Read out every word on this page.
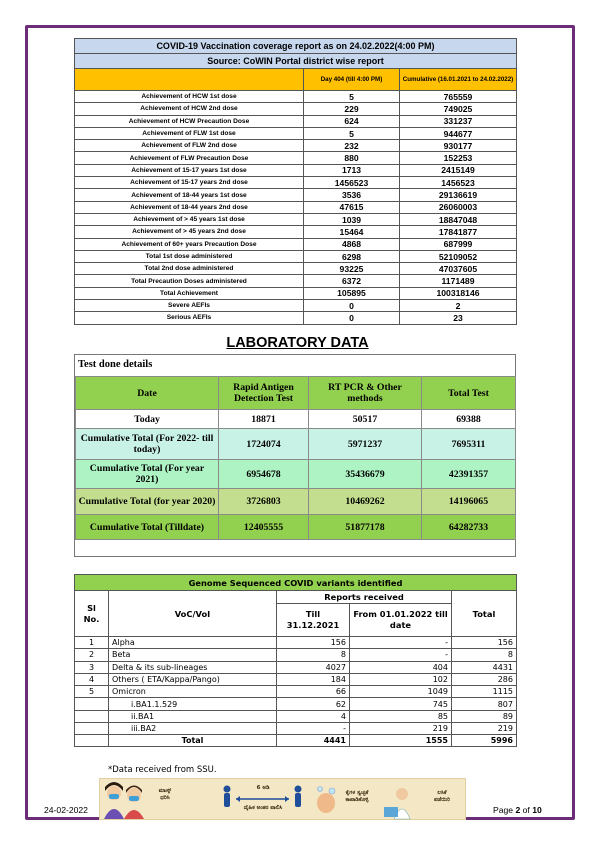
COVID-19 Vaccination coverage report as on 24.02.2022(4:00 PM)		
Source: CoWIN Portal district wise report		
	Day 404 (till 4:00 PM)	Cumulative (16.01.2021 to 24.02.2022)
Achievement of HCW 1st dose	5	765559
Achievement of HCW 2nd dose	229	749025
Achievement of HCW Precaution Dose	624	331237
Achievement of FLW 1st dose	5	944677
Achievement of FLW 2nd dose	232	930177
Achievement of FLW Precaution Dose	880	152253
Achievement of 15-17 years 1st dose	1713	2415149
Achievement of 15-17 years 2nd dose	1456523	1456523
Achievement of 18-44 years 1st dose	3536	29136619
Achievement of 18-44 years 2nd dose	47615	26060003
Achievement of > 45 years 1st dose	1039	18847048
Achievement of > 45 years 2nd dose	15464	17841877
Achievement of 60+ years Precaution Dose	4868	687999
Total 1st dose administered	6298	52109052
Total 2nd dose administered	93225	47037605
Total Precaution Doses administered	6372	1171489
Total Achievement	105895	100318146
Severe AEFIs	0	2
Serious AEFIs	0	23
LABORATORY DATA
Test done details
Date	Rapid Antigen Detection Test	RT PCR & Other methods	Total Test
Today	18871	50517	69388
Cumulative Total (For 2022- till today)	1724074	5971237	7695311
Cumulative Total (For year 2021)	6954678	35436679	42391357
Cumulative Total (for year 2020)	3726803	10469262	14196065
Cumulative Total (Tilldate)	12405555	51877178	64282733
Genome Sequenced COVID variants identified				
Sl No.	VoC/VoI	Reports received		Total
		Till 31.12.2021	From 01.01.2022 till date	
1	Alpha	156	-	156
2	Beta	8	-	8
3	Delta & its sub-lineages	4027	404	4431
4	Others ( ETA/Kappa/Pango)	184	102	286
5	Omicron	66	1049	1115
	i.BA1.1.529	62	745	807
	ii.BA1	4	85	89
	iii.BA2	-	219	219
	Total	4441	1555	5996
*Data received from SSU.
24-02-2022
ಮಾಸ್ಕ್
ಧರಿಸಿ
6 ಅಡಿ
ದೈಹಿಕ ಅಂತರ ಪಾಲಿಸಿ
ಕೈಗಳ ಸ್ವಚ್ಛತೆ
ಕಾಪಾಡಿಕೊಳ್ಳಿ
ಲಸಿಕೆ
ಪಡೆಯಿರಿ
Page 2 of 10
